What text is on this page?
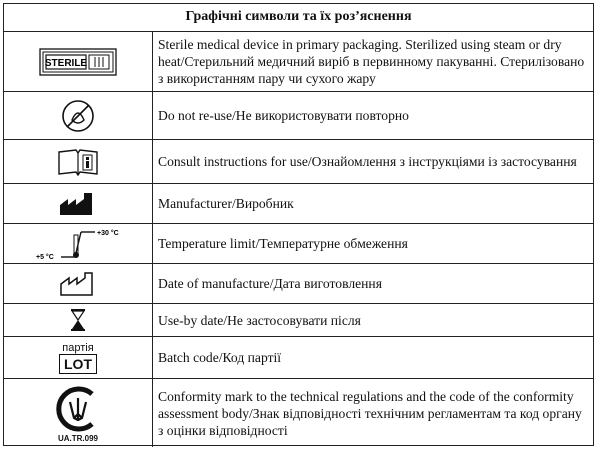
Графічні символи та їх роз’яснення
STERILE
Sterile medical device in primary packaging. Sterilized using steam or dry heat/Стерильний медичний виріб в первинному пакуванні. Стерилізовано з використанням пару чи сухого жару
Do not re-use/Не використовувати повторно
Consult instructions for use/Ознайомлення з інструкціями із застосування
Manufacturer/Виробник
+30 °C
+5 °C
Temperature limit/Температурне обмеження
Date of manufacture/Дата виготовлення
Use-by date/Не застосовувати після
партія
LOT	Batch code/Код партії
UA.TR.099
Conformity mark to the technical regulations and the code of the conformity assessment body/Знак відповідності технічним регламентам та код органу з оцінки відповідності
